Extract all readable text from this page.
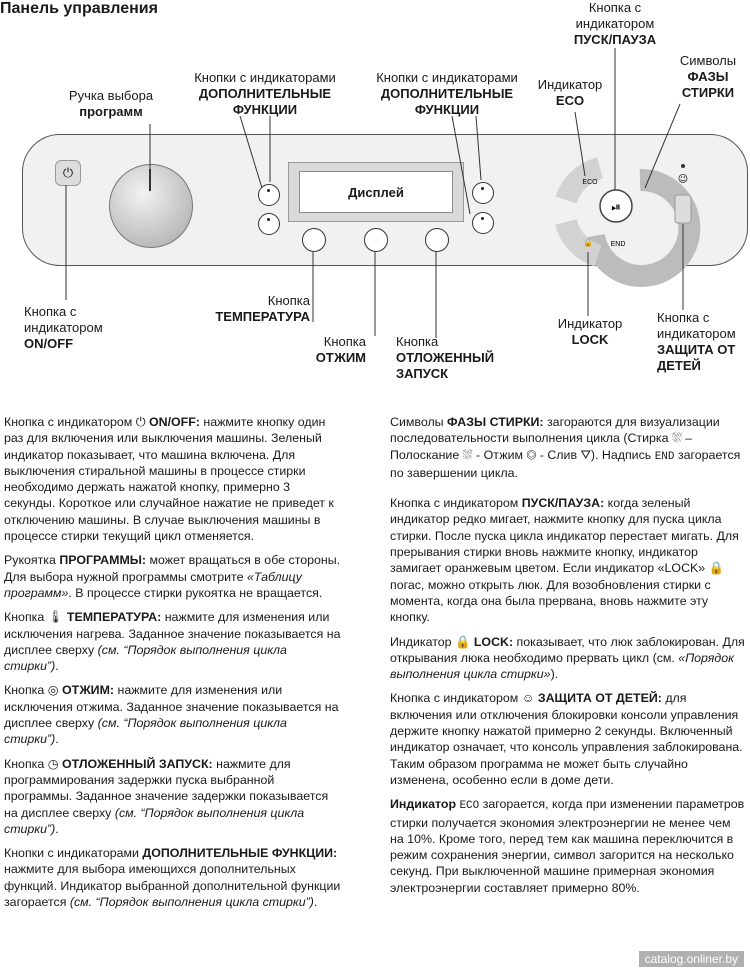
Панель управления
Ручка выбора
программ
Кнопки с индикаторами
ДОПОЛНИТЕЛЬНЫЕ
ФУНКЦИИ
Кнопки с индикаторами
ДОПОЛНИТЕЛЬНЫЕ
ФУНКЦИИ
Индикатор
ECO
Кнопка с
индикатором
ПУСК/ПАУЗА
Символы
ФАЗЫ
СТИРКИ
⏻
Дисплей
⏯
ECO
🔒	END
☺
Кнопка с
индикатором
ON/OFF
Кнопка
ТЕМПЕРАТУРА
Кнопка
ОТЖИМ
Кнопка
ОТЛОЖЕННЫЙ
ЗАПУСК
Индикатор
LOCK
Кнопка с
индикатором
ЗАЩИТА ОТ
ДЕТЕЙ

Кнопка с индикатором ⏻ ON/OFF: нажмите кнопку один раз для включения или выключения машины. Зеленый индикатор показывает, что машина включена. Для выключения стиральной машины в процессе стирки необходимо держать нажатой кнопку, примерно 3 секунды. Короткое или случайное нажатие не приведет к отключению машины. В случае выключения машины в процессе стирки текущий цикл отменяется.

Рукоятка ПРОГРАММЫ: может вращаться в обе стороны. Для выбора нужной программы смотрите «Таблицу программ». В процессе стирки рукоятка не вращается.

Кнопка 🌡 ТЕМПЕРАТУРА: нажмите для изменения или исключения нагрева. Заданное значение показывается на дисплее сверху (см. “Порядок выполнения цикла стирки”).

Кнопка ◎ ОТЖИМ: нажмите для изменения или исключения отжима. Заданное значение показывается на дисплее сверху (см. “Порядок выполнения цикла стирки”).

Кнопка ◷ ОТЛОЖЕННЫЙ ЗАПУСК: нажмите для программирования задержки пуска выбранной программы. Заданное значение задержки показывается на дисплее сверху (см. “Порядок выполнения цикла стирки”).

Кнопки с индикаторами ДОПОЛНИТЕЛЬНЫЕ ФУНКЦИИ: нажмите для выбора имеющихся дополнительных функций. Индикатор выбранной дополнительной функции загорается (см. “Порядок выполнения цикла стирки”).

Символы ФАЗЫ СТИРКИ: загораются для визуализации последовательности выполнения цикла (Стирка ⛆ – Полоскание ⛆ - Отжим ◎ - Слив ⛛). Надпись END загорается по завершении цикла.

Кнопка с индикатором ПУСК/ПАУЗА: когда зеленый индикатор редко мигает, нажмите кнопку для пуска цикла стирки. После пуска цикла индикатор перестает мигать. Для прерывания стирки вновь нажмите кнопку, индикатор замигает оранжевым цветом. Если индикатор «LOCK» 🔒 погас, можно открыть люк. Для возобновления стирки с момента, когда она была прервана, вновь нажмите эту кнопку.

Индикатор 🔒 LOCK: показывает, что люк заблокирован. Для открывания люка необходимо прервать цикл (см. «Порядок выполнения цикла стирки»).

Кнопка с индикатором ☺ ЗАЩИТА ОТ ДЕТЕЙ: для включения или отключения блокировки консоли управления держите кнопку нажатой примерно 2 секунды. Включенный индикатор означает, что консоль управления заблокирована. Таким образом программа не может быть случайно изменена, особенно если в доме дети.

Индикатор ECO загорается, когда при изменении параметров стирки получается экономия электроэнергии не менее чем на 10%. Кроме того, перед тем как машина переключится в режим сохранения энергии, символ загорится на несколько секунд. При выключенной машине примерная экономия электроэнергии составляет примерно 80%.

catalog.onliner.by
